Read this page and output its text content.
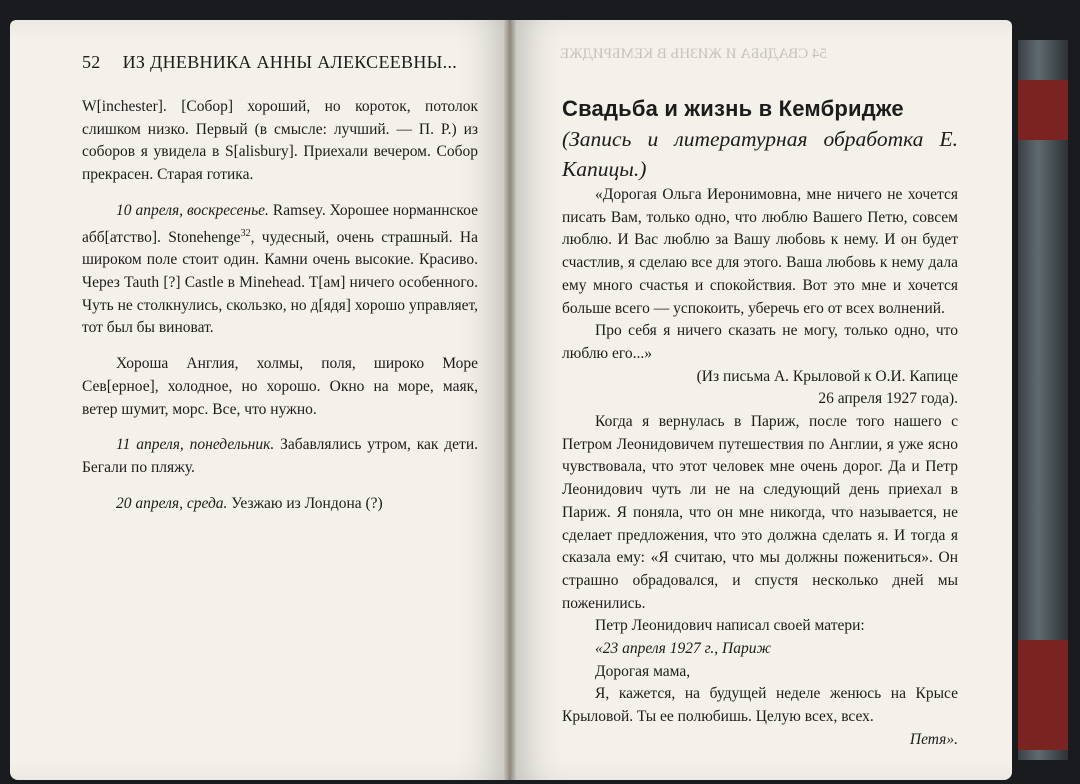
52 ИЗ ДНЕВНИКА АННЫ АЛЕКСЕЕВНЫ...

W[inchester]. [Собор] хороший, но короток, потолок слишком низко. Первый (в смысле: лучший. — П. Р.) из соборов я увидела в S[alisbury]. Приехали вечером. Собор прекрасен. Старая готика.

10 апреля, воскресенье. Ramsey. Хорошее норманнское абб[атство]. Stonehenge$^{32}$, чудесный, очень страшный. На широком поле стоит один. Камни очень высокие. Красиво. Через Tauth [?] Castle в Minehead. T[ам] ничего особенного. Чуть не столкнулись, скользко, но д[ядя] хорошо управляет, тот был бы виноват.

Хороша Англия, холмы, поля, широко Море Сев[ерное], холодное, но хорошо. Окно на море, маяк, ветер шумит, морс. Все, что нужно.

11 апреля, понедельник. Забавлялись утром, как дети. Бегали по пляжу.

20 апреля, среда. Уезжаю из Лондона (?)

54 СВАДЬБА И ЖИЗНЬ В КЕМБРИДЖЕ
Свадьба и жизнь в Кембридже

(Запись и литературная обработка Е. Капицы.)

«Дорогая Ольга Иеронимовна, мне ничего не хочется писать Вам, только одно, что люблю Вашего Петю, совсем люблю. И Вас люблю за Вашу любовь к нему. И он будет счастлив, я сделаю все для этого. Ваша любовь к нему дала ему много счастья и спокойствия. Вот это мне и хочется больше всего — успокоить, уберечь его от всех волнений.

Про себя я ничего сказать не могу, только одно, что люблю его...»

(Из письма А. Крыловой к О.И. Капице

26 апреля 1927 года).

Когда я вернулась в Париж, после того нашего с Петром Леонидовичем путешествия по Англии, я уже ясно чувствовала, что этот человек мне очень дорог. Да и Петр Леонидович чуть ли не на следующий день приехал в Париж. Я поняла, что он мне никогда, что называется, не сделает предложения, что это должна сделать я. И тогда я сказала ему: «Я считаю, что мы должны пожениться». Он страшно обрадовался, и спустя несколько дней мы поженились.

Петр Леонидович написал своей матери:

«23 апреля 1927 г., Париж

Дорогая мама,

Я, кажется, на будущей неделе женюсь на Крысе Крыловой. Ты ее полюбишь. Целую всех, всех.

Петя».
